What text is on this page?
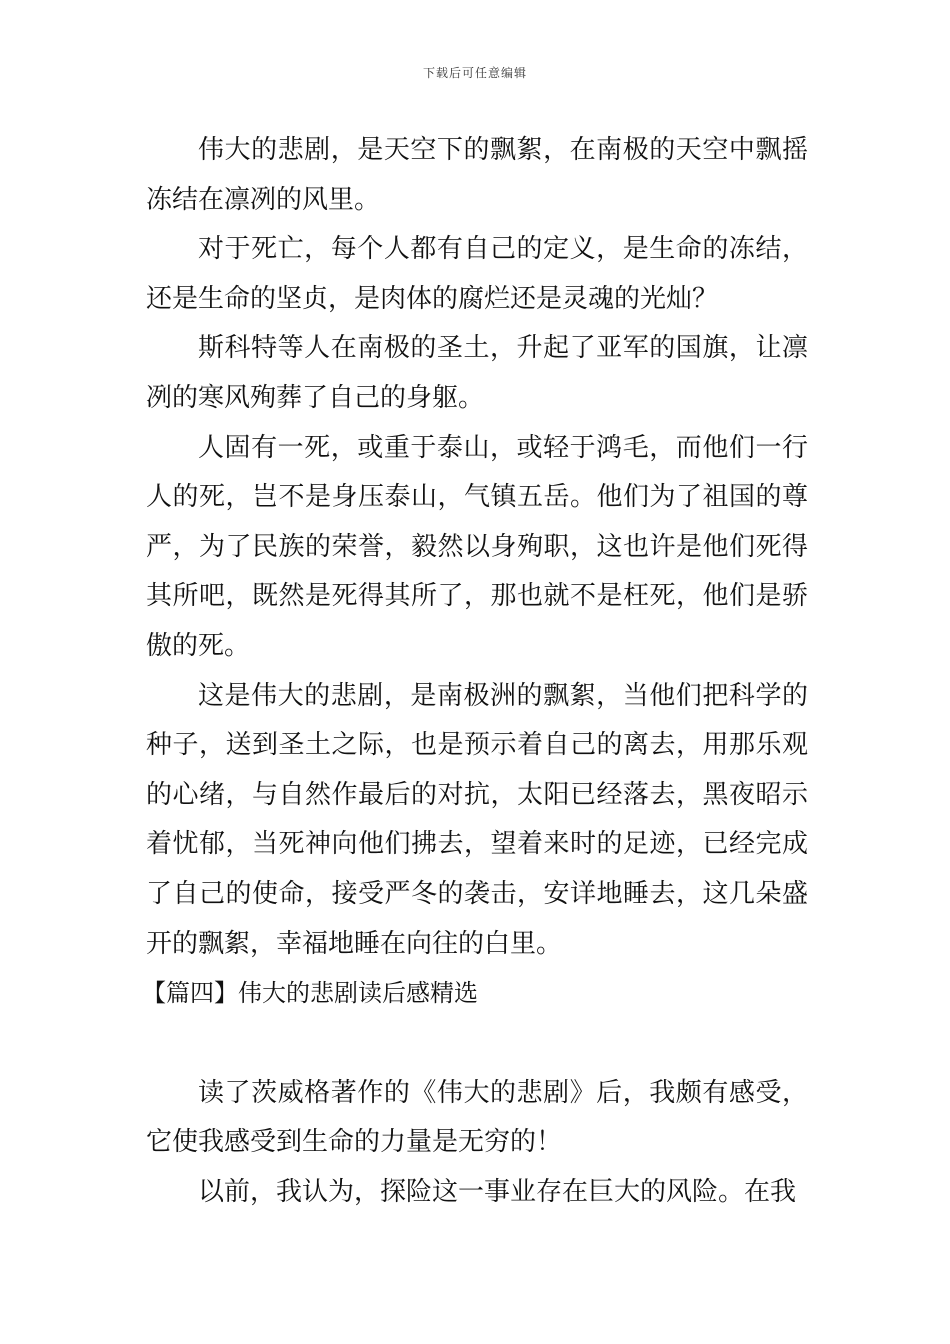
下载后可任意编辑

伟大的悲剧，是天空下的飘絮，在南极的天空中飘摇冻结在凛冽的风里。

对于死亡，每个人都有自己的定义，是生命的冻结，还是生命的坚贞，是肉体的腐烂还是灵魂的光灿？

斯科特等人在南极的圣土，升起了亚军的国旗，让凛冽的寒风殉葬了自己的身躯。

人固有一死，或重于泰山，或轻于鸿毛，而他们一行人的死，岂不是身压泰山，气镇五岳。他们为了祖国的尊严，为了民族的荣誉，毅然以身殉职，这也许是他们死得其所吧，既然是死得其所了，那也就不是枉死，他们是骄傲的死。

这是伟大的悲剧，是南极洲的飘絮，当他们把科学的种子，送到圣土之际，也是预示着自己的离去，用那乐观的心绪，与自然作最后的对抗，太阳已经落去，黑夜昭示着忧郁，当死神向他们拂去，望着来时的足迹，已经完成了自己的使命，接受严冬的袭击，安详地睡去，这几朵盛开的飘絮，幸福地睡在向往的白里。

【篇四】伟大的悲剧读后感精选

读了茨威格著作的《伟大的悲剧》后，我颇有感受，它使我感受到生命的力量是无穷的！

以前，我认为，探险这一事业存在巨大的风险。在我
